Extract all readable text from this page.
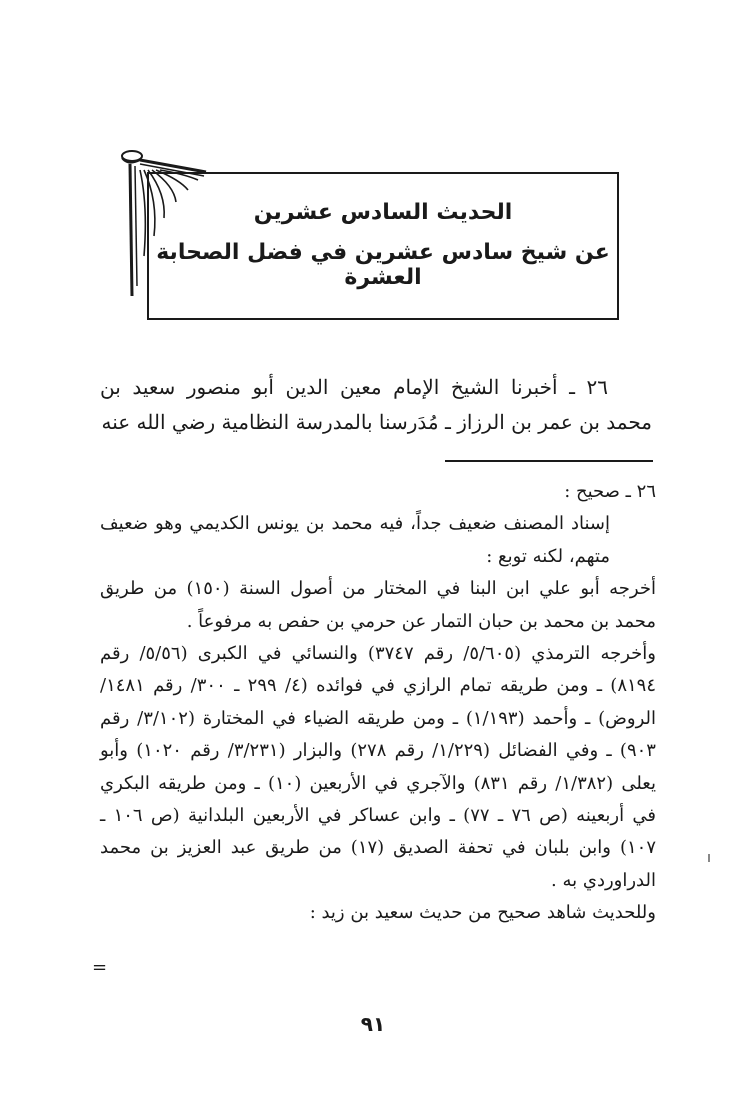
الحديث السادس عشرين
عن شيخ سادس عشرين في فضل الصحابة العشرة

٢٦ ـ أخبرنا الشيخ الإمام معين الدين أبو منصور سعيد بن محمد بن عمر بن الرزاز ـ مُدَرسنا بالمدرسة النظامية رضي الله عنه

٢٦ ـ صحيح :

إسناد المصنف ضعيف جداً، فيه محمد بن يونس الكديمي وهو ضعيف متهم، لكنه توبع :

أخرجه أبو علي ابن البنا في المختار من أصول السنة (١٥٠) من طريق محمد بن محمد بن حبان التمار عن حرمي بن حفص به مرفوعاً .

وأخرجه الترمذي (٥/٦٠٥/ رقم ٣٧٤٧) والنسائي في الكبرى (٥/٥٦/ رقم ٨١٩٤) ـ ومن طريقه تمام الرازي في فوائده (٤/ ٢٩٩ ـ ٣٠٠/ رقم ١٤٨١/ الروض) ـ وأحمد (١/١٩٣) ـ ومن طريقه الضياء في المختارة (٣/١٠٢/ رقم ٩٠٣) ـ وفي الفضائل (١/٢٢٩/ رقم ٢٧٨) والبزار (٣/٢٣١/ رقم ١٠٢٠) وأبو يعلى (١/٣٨٢/ رقم ٨٣١) والآجري في الأربعين (١٠) ـ ومن طريقه البكري في أربعينه (ص ٧٦ ـ ٧٧) ـ وابن عساكر في الأربعين البلدانية (ص ١٠٦ ـ ١٠٧) وابن بلبان في تحفة الصديق (١٧) من طريق عبد العزيز بن محمد الدراوردي به .

وللحديث شاهد صحيح من حديث سعيد بن زيد :

=
٩١
